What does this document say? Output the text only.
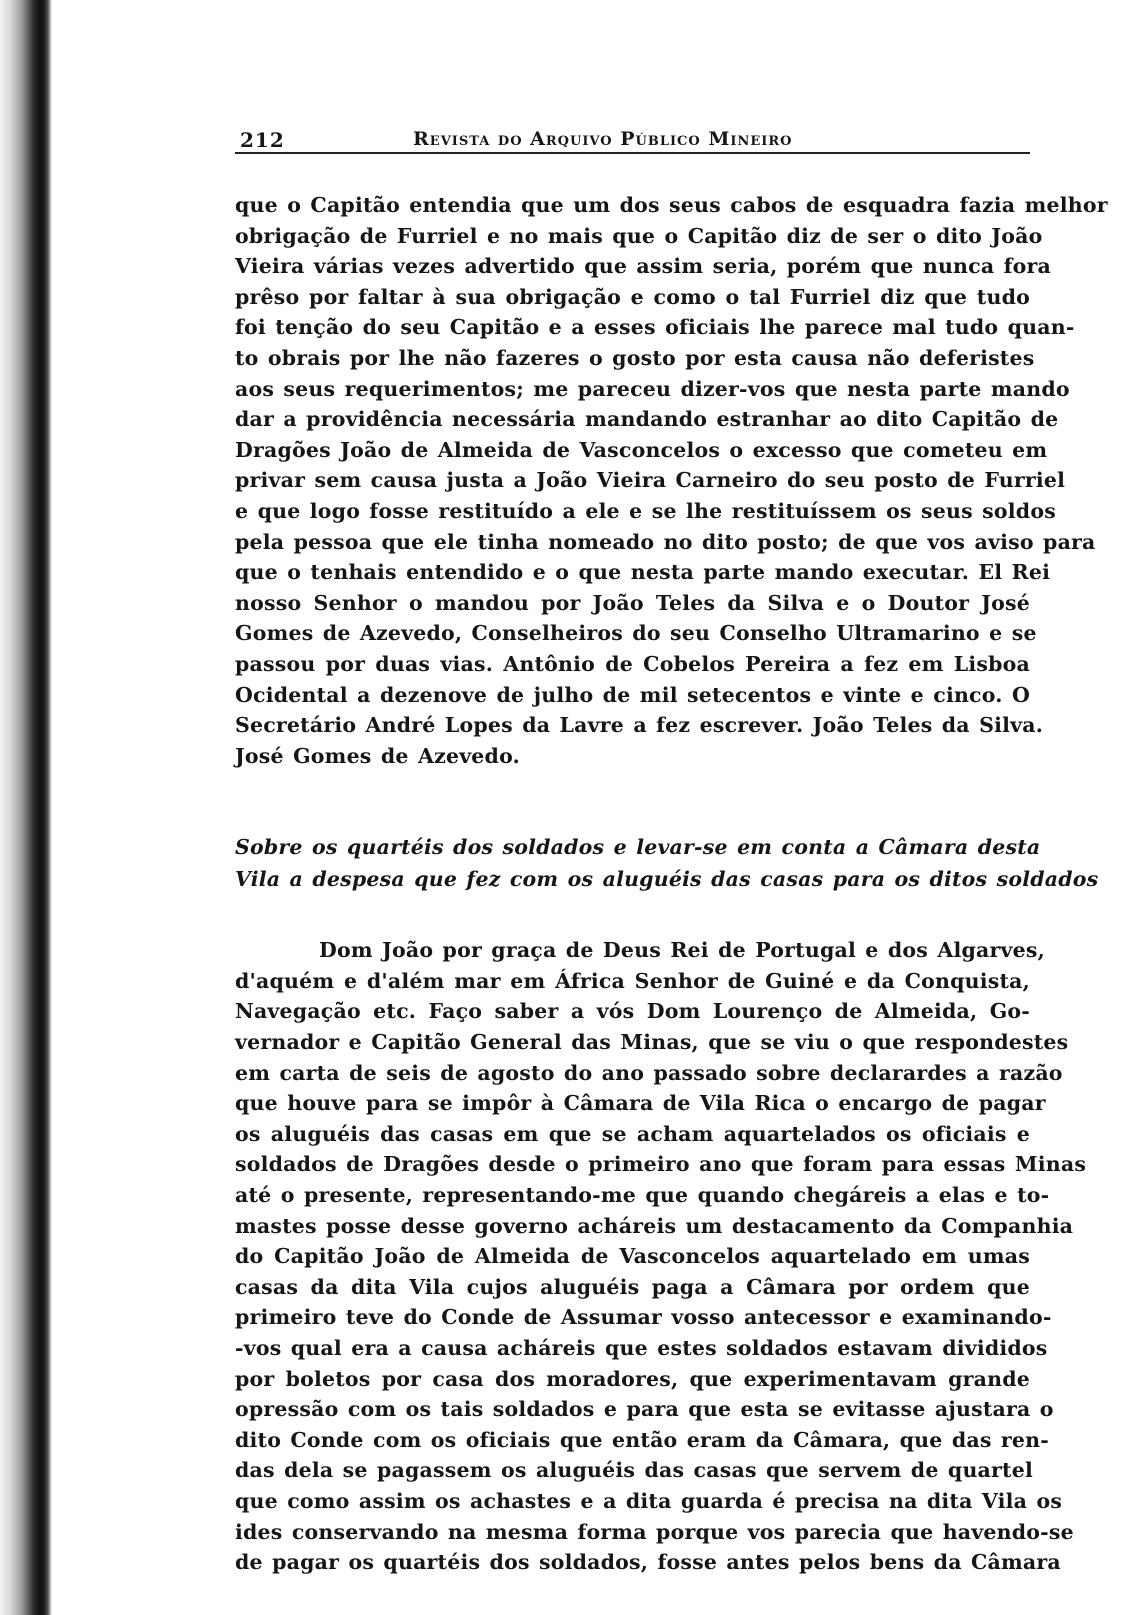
212	Revista do Arquivo Público Mineiro
que o Capitão entendia que um dos seus cabos de esquadra fazia melhor
obrigação de Furriel e no mais que o Capitão diz de ser o dito João
Vieira várias vezes advertido que assim seria, porém que nunca fora
prêso por faltar à sua obrigação e como o tal Furriel diz que tudo
foi tenção do seu Capitão e a esses oficiais lhe parece mal tudo quan-
to obrais por lhe não fazeres o gosto por esta causa não deferistes
aos seus requerimentos; me pareceu dizer-vos que nesta parte mando
dar a providência necessária mandando estranhar ao dito Capitão de
Dragões João de Almeida de Vasconcelos o excesso que cometeu em
privar sem causa justa a João Vieira Carneiro do seu posto de Furriel
e que logo fosse restituído a ele e se lhe restituíssem os seus soldos
pela pessoa que ele tinha nomeado no dito posto; de que vos aviso para
que o tenhais entendido e o que nesta parte mando executar. El Rei
nosso Senhor o mandou por João Teles da Silva e o Doutor José
Gomes de Azevedo, Conselheiros do seu Conselho Ultramarino e se
passou por duas vias. Antônio de Cobelos Pereira a fez em Lisboa
Ocidental a dezenove de julho de mil setecentos e vinte e cinco. O
Secretário André Lopes da Lavre a fez escrever. João Teles da Silva.
José Gomes de Azevedo.
Sobre os quartéis dos soldados e levar-se em conta a Câmara desta
Vila a despesa que fez com os aluguéis das casas para os ditos soldados
Dom João por graça de Deus Rei de Portugal e dos Algarves,
d'aquém e d'além mar em África Senhor de Guiné e da Conquista,
Navegação etc. Faço saber a vós Dom Lourenço de Almeida, Go-
vernador e Capitão General das Minas, que se viu o que respondestes
em carta de seis de agosto do ano passado sobre declarardes a razão
que houve para se impôr à Câmara de Vila Rica o encargo de pagar
os aluguéis das casas em que se acham aquartelados os oficiais e
soldados de Dragões desde o primeiro ano que foram para essas Minas
até o presente, representando-me que quando chegáreis a elas e to-
mastes posse desse governo acháreis um destacamento da Companhia
do Capitão João de Almeida de Vasconcelos aquartelado em umas
casas da dita Vila cujos aluguéis paga a Câmara por ordem que
primeiro teve do Conde de Assumar vosso antecessor e examinando-
-vos qual era a causa acháreis que estes soldados estavam divididos
por boletos por casa dos moradores, que experimentavam grande
opressão com os tais soldados e para que esta se evitasse ajustara o
dito Conde com os oficiais que então eram da Câmara, que das ren-
das dela se pagassem os aluguéis das casas que servem de quartel
que como assim os achastes e a dita guarda é precisa na dita Vila os
ides conservando na mesma forma porque vos parecia que havendo-se
de pagar os quartéis dos soldados, fosse antes pelos bens da Câmara
